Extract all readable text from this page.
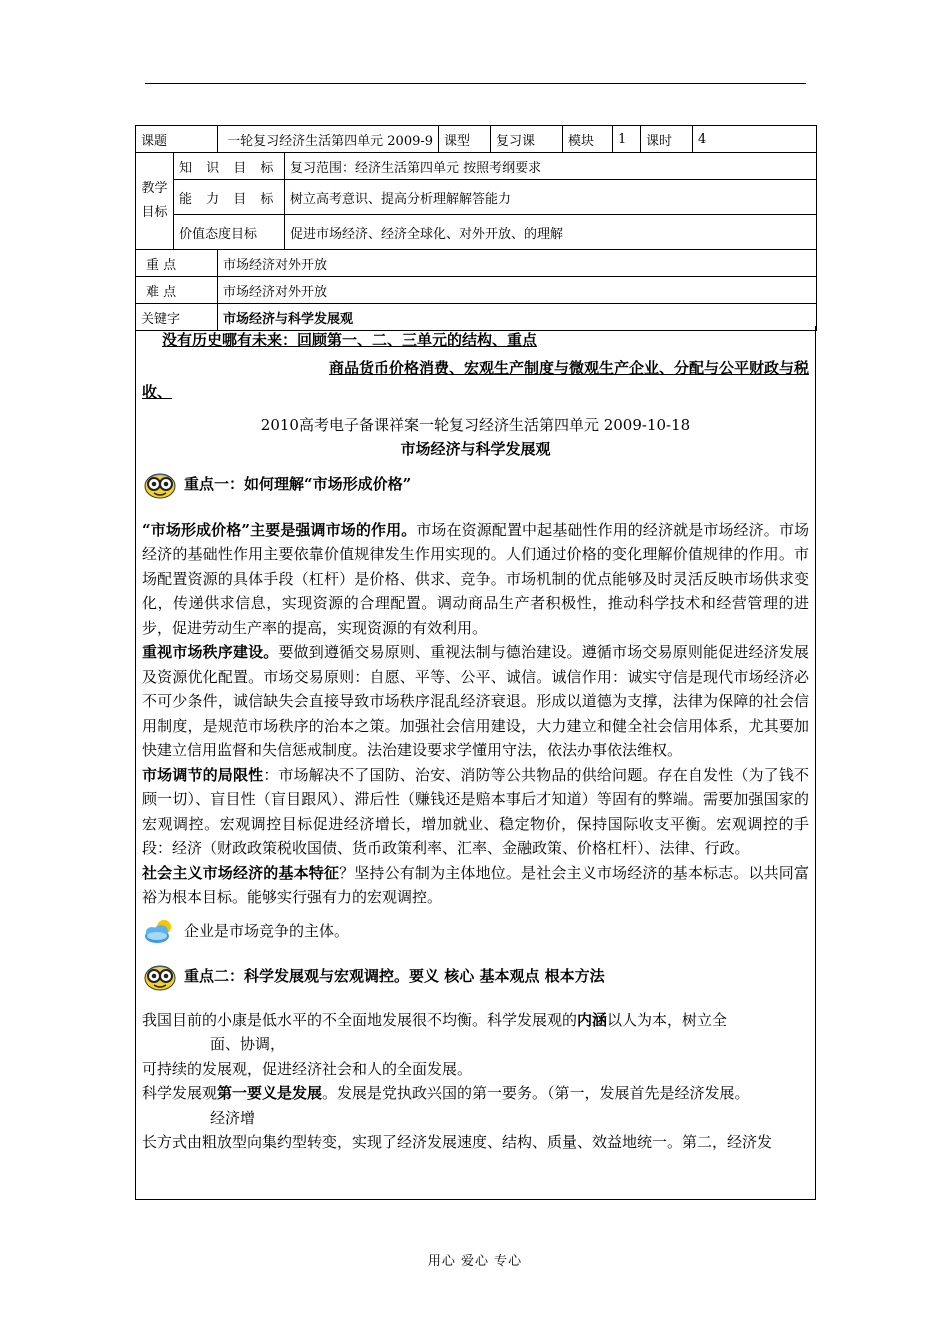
课题		一轮复习经济生活第四单元 2009-9		课型	复习课	模块	1	课时	4
教学目标	知 识 目 标		复习范围：经济生活第四单元 按照考纲要求						
	能 力 目 标		树立高考意识、提高分析理解解答能力						
	价值态度目标		促进市场经济、经济全球化、对外开放、的理解						
重 点		市场经济对外开放							
难 点		市场经济对外开放							
关键字		市场经济与科学发展观							

没有历史哪有未来：回顾第一、二、三单元的结构、重点

商品货币价格消费、宏观生产制度与微观生产企业、分配与公平财政与税

收、

2010高考电子备课祥案一轮复习经济生活第四单元 2009-10-18

市场经济与科学发展观

重点一：如何理解“市场形成价格”

“市场形成价格”主要是强调市场的作用。市场在资源配置中起基础性作用的经济就是市场经济。市场经济的基础性作用主要依靠价值规律发生作用实现的。人们通过价格的变化理解价值规律的作用。市场配置资源的具体手段（杠杆）是价格、供求、竞争。市场机制的优点能够及时灵活反映市场供求变化，传递供求信息，实现资源的合理配置。调动商品生产者积极性，推动科学技术和经营管理的进步，促进劳动生产率的提高，实现资源的有效利用。

重视市场秩序建设。要做到遵循交易原则、重视法制与德治建设。遵循市场交易原则能促进经济发展及资源优化配置。市场交易原则：自愿、平等、公平、诚信。诚信作用：诚实守信是现代市场经济必不可少条件，诚信缺失会直接导致市场秩序混乱经济衰退。形成以道德为支撑，法律为保障的社会信用制度，是规范市场秩序的治本之策。加强社会信用建设，大力建立和健全社会信用体系，尤其要加快建立信用监督和失信惩戒制度。法治建设要求学懂用守法，依法办事依法维权。

市场调节的局限性：市场解决不了国防、治安、消防等公共物品的供给问题。存在自发性（为了钱不顾一切）、盲目性（盲目跟风）、滞后性（赚钱还是赔本事后才知道）等固有的弊端。需要加强国家的宏观调控。宏观调控目标促进经济增长，增加就业、稳定物价，保持国际收支平衡。宏观调控的手段：经济（财政政策税收国债、货币政策利率、汇率、金融政策、价格杠杆）、法律、行政。

社会主义市场经济的基本特征？坚持公有制为主体地位。是社会主义市场经济的基本标志。以共同富裕为根本目标。能够实行强有力的宏观调控。

企业是市场竞争的主体。
重点二：科学发展观与宏观调控。要义 核心 基本观点 根本方法

我国目前的小康是低水平的不全面地发展很不均衡。科学发展观的内涵以人为本，树立全

面、协调，

可持续的发展观，促进经济社会和人的全面发展。

科学发展观第一要义是发展。发展是党执政兴国的第一要务。（第一，发展首先是经济发展。

经济增

长方式由粗放型向集约型转变，实现了经济发展速度、结构、质量、效益地统一。第二，经济发

用心 爱心 专心
